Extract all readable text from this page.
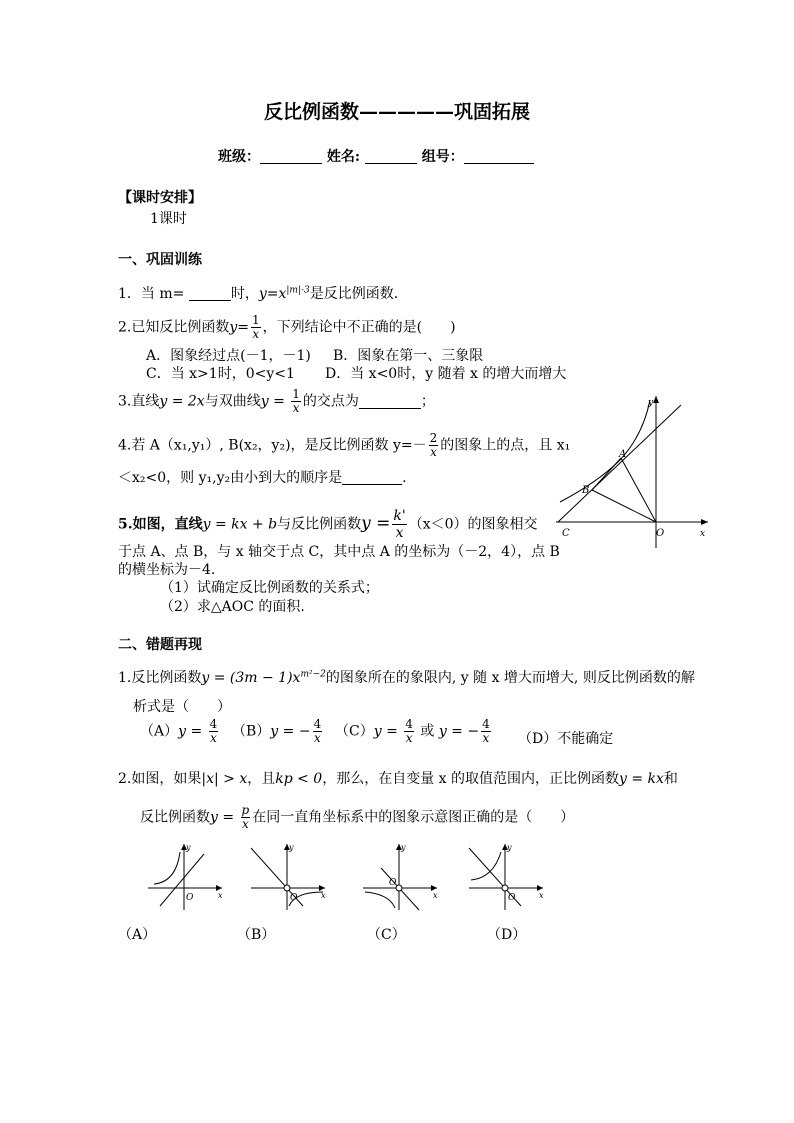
反比例函数—————巩固拓展
班级：	姓名:	组号：
【课时安排】
1课时
一、巩固训练
1．当 m=	时，$y=x^{|m|-3}$是反比例函数．
2.已知反比例函数$y= \frac{1}{x}$ ，下列结论中不正确的是(　　)
A．图象经过点(－1，－1) B．图象在第一、三象限
C．当 x>1时，0<y<1 D．当 x<0时，y 随着 x 的增大而增大
3.直线y = 2x与双曲线$y = \frac{1}{x}$ 的交点为	；
4.若 A（x₁,y₁）, B(x₂，y₂)，是反比例函数 $y=- \frac{2}{x}$ 的图象上的点，且 x₁
＜x₂<0，则 y₁,y₂由小到大的顺序是	.
5.如图，直线y = kx + b与反比例函数$y = \frac{k'}{x} (x<0)$的图象相交
于点 A、点 B，与 x 轴交于点 C，其中点 A 的坐标为（－2，4），点 B
的横坐标为－4.
（1）试确定反比例函数的关系式；
（2）求△AOC 的面积.
A
B
C	O
y
x
二、错题再现
1.反比例函数$y = (3m - 1)x^{m^2-2}$的图象所在的象限内, y 随 x 增大而增大, 则反比例函数的解
析式是（　　）
$(A)y = \frac{4}{x} (B)y$ = − $\frac{4}{x} (C)y = \frac{4}{x}$ 或 y = − $\frac{4}{x} (D)$不能确定
2.如图，如果|x| > x，且kp < 0，那么，在自变量 x 的取值范围内，正比例函数y = kx和
反比例函数$y = \frac{p}{x}$ 在同一直角坐标系中的图象示意图正确的是（　　）
O
y
x	O
y
x
O
y
x	O
y
x
（A）	（B）	（C）	（D）
